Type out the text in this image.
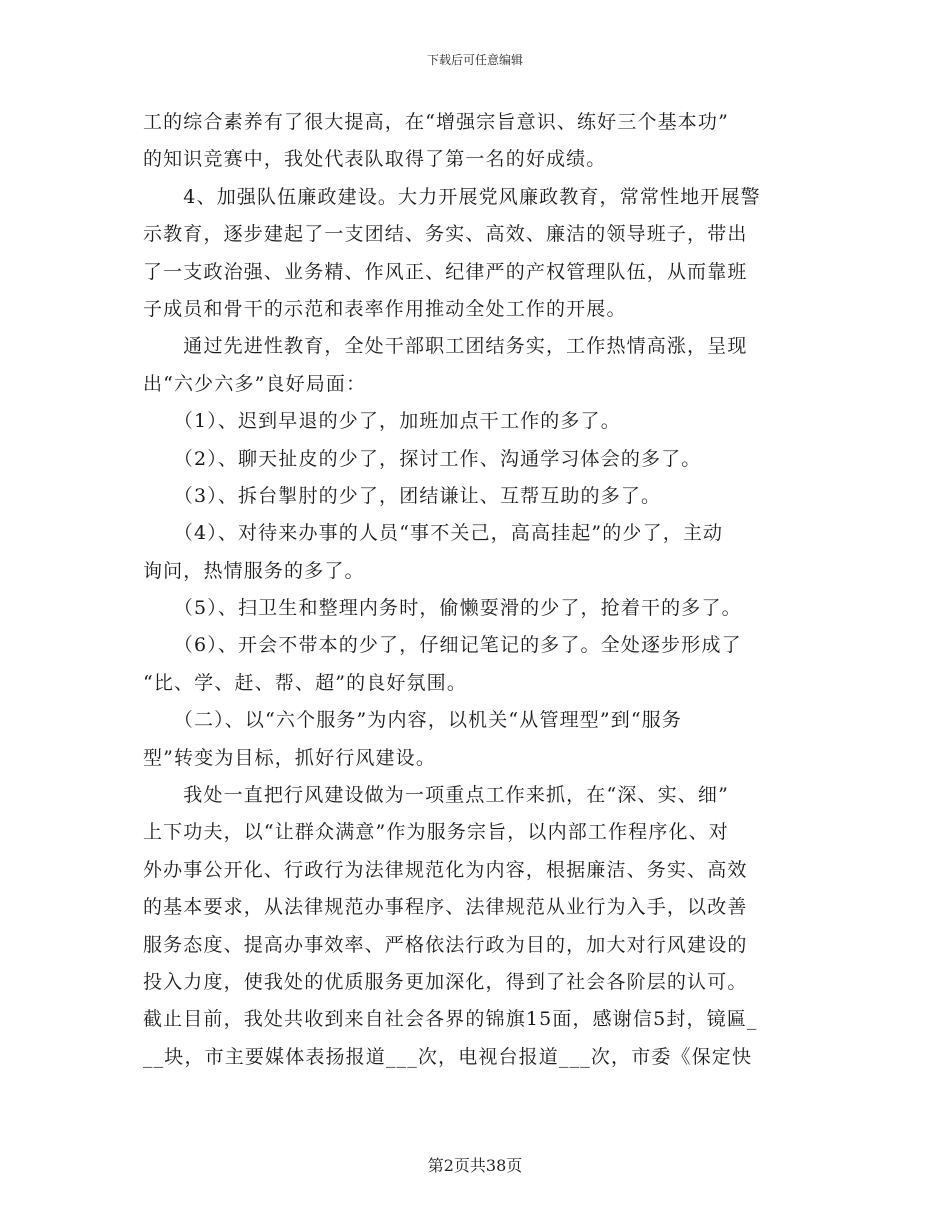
下载后可任意编辑
工的综合素养有了很大提高，在“增强宗旨意识、练好三个基本功”
的知识竞赛中，我处代表队取得了第一名的好成绩。
　　4、加强队伍廉政建设。大力开展党风廉政教育，常常性地开展警
示教育，逐步建起了一支团结、务实、高效、廉洁的领导班子，带出
了一支政治强、业务精、作风正、纪律严的产权管理队伍，从而靠班
子成员和骨干的示范和表率作用推动全处工作的开展。
　　通过先进性教育，全处干部职工团结务实，工作热情高涨，呈现
出“六少六多”良好局面：
　　（1）、迟到早退的少了，加班加点干工作的多了。
　　（2）、聊天扯皮的少了，探讨工作、沟通学习体会的多了。
　　（3）、拆台掣肘的少了，团结谦让、互帮互助的多了。
　　（4）、对待来办事的人员“事不关己，高高挂起”的少了，主动
询问，热情服务的多了。
　　（5）、扫卫生和整理内务时，偷懒耍滑的少了，抢着干的多了。
　　（6）、开会不带本的少了，仔细记笔记的多了。全处逐步形成了
“比、学、赶、帮、超”的良好氛围。
　　（二）、以“六个服务”为内容，以机关“从管理型”到“服务
型”转变为目标，抓好行风建设。
　　我处一直把行风建设做为一项重点工作来抓，在“深、实、细”
上下功夫，以“让群众满意”作为服务宗旨，以内部工作程序化、对
外办事公开化、行政行为法律规范化为内容，根据廉洁、务实、高效
的基本要求，从法律规范办事程序、法律规范从业行为入手，以改善
服务态度、提高办事效率、严格依法行政为目的，加大对行风建设的
投入力度，使我处的优质服务更加深化，得到了社会各阶层的认可。
截止目前，我处共收到来自社会各界的锦旗15面，感谢信5封，镜匾_
__块，市主要媒体表扬报道___次，电视台报道___次，市委《保定快
第2页共38页
